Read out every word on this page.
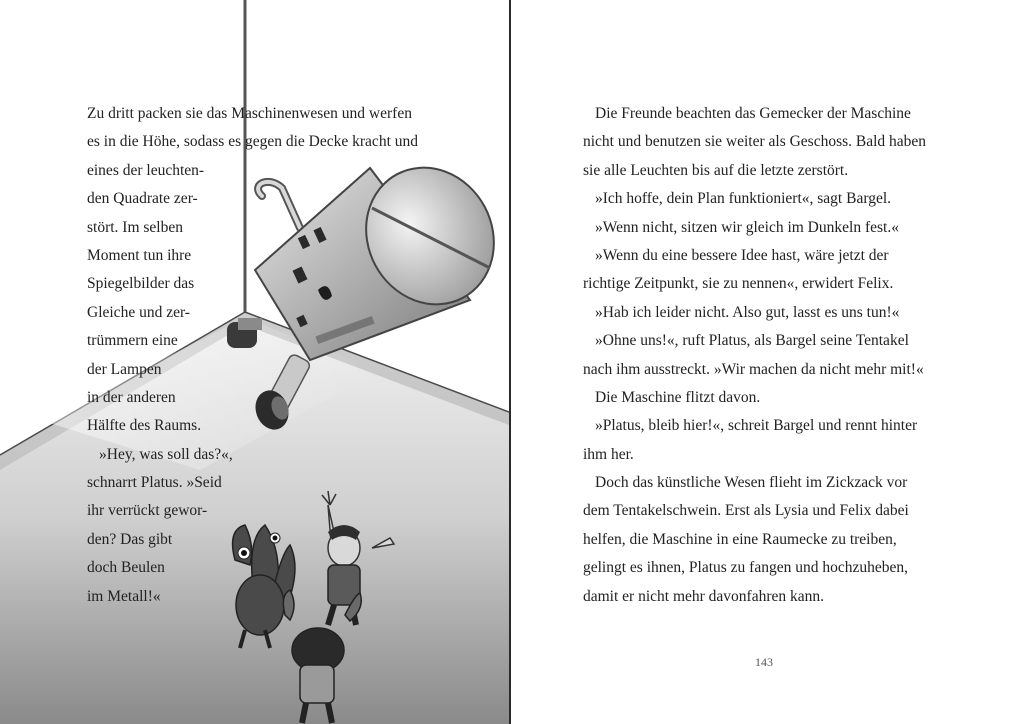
Zu dritt packen sie das Maschinenwesen und werfen
es in die Höhe, sodass es gegen die Decke kracht und
eines der leuchten-
den Quadrate zer-
stört. Im selben
Moment tun ihre
Spiegelbilder das
Gleiche und zer-
trümmern eine
der Lampen
in der anderen
Hälfte des Raums.
»Hey, was soll das?«,
schnarrt Platus. »Seid
ihr verrückt gewor-
den? Das gibt
doch Beulen
im Metall!«
Die Freunde beachten das Gemecker der Maschine
nicht und benutzen sie weiter als Geschoss. Bald haben
sie alle Leuchten bis auf die letzte zerstört.
»Ich hoffe, dein Plan funktioniert«, sagt Bargel.
»Wenn nicht, sitzen wir gleich im Dunkeln fest.«
»Wenn du eine bessere Idee hast, wäre jetzt der
richtige Zeitpunkt, sie zu nennen«, erwidert Felix.
»Hab ich leider nicht. Also gut, lasst es uns tun!«
»Ohne uns!«, ruft Platus, als Bargel seine Tentakel
nach ihm ausstreckt. »Wir machen da nicht mehr mit!«
Die Maschine flitzt davon.
»Platus, bleib hier!«, schreit Bargel und rennt hinter
ihm her.
Doch das künstliche Wesen flieht im Zickzack vor
dem Tentakelschwein. Erst als Lysia und Felix dabei
helfen, die Maschine in eine Raumecke zu treiben,
gelingt es ihnen, Platus zu fangen und hochzuheben,
damit er nicht mehr davonfahren kann.
143
